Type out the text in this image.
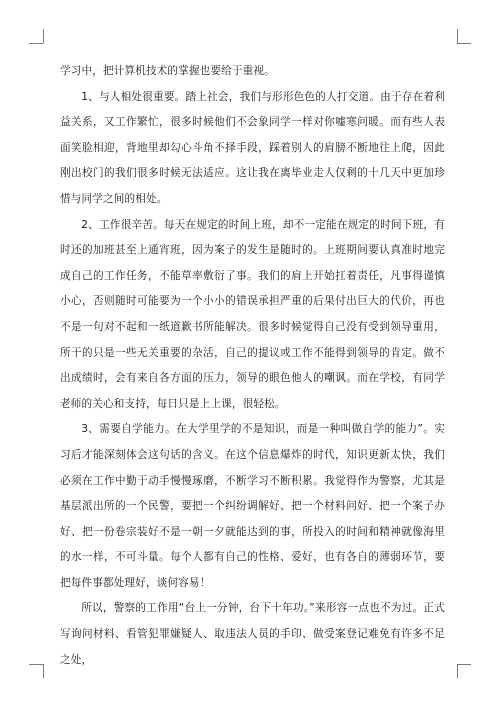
学习中，把计算机技术的掌握也要给于重视。

1、与人相处很重要。踏上社会，我们与形形色色的人打交道。由于存在着利益关系，又工作繁忙，很多时候他们不会象同学一样对你嘘寒问暖。而有些人表面笑脸相迎，背地里却勾心斗角不择手段，踩着别人的肩膀不断地往上爬，因此刚出校门的我们很多时候无法适应。这让我在离毕业走人仅剩的十几天中更加珍惜与同学之间的相处。

2、工作很辛苦。每天在规定的时间上班，却不一定能在规定的时间下班，有时还的加班甚至上通宵班，因为案子的发生是随时的。上班期间要认真准时地完成自己的工作任务，不能草率敷衍了事。我们的肩上开始扛着责任，凡事得谨慎小心，否则随时可能要为一个小小的错误承担严重的后果付出巨大的代价，再也不是一句对不起和一纸道歉书所能解决。很多时候觉得自己没有受到领导重用，所干的只是一些无关重要的杂活，自己的提议或工作不能得到领导的肯定。做不出成绩时，会有来自各方面的压力，领导的眼色他人的嘲讽。而在学校，有同学老师的关心和支持，每日只是上上课，很轻松。

3、需要自学能力。在大学里学的不是知识，而是一种叫做自学的能力”。实习后才能深刻体会这句话的含义。在这个信息爆炸的时代，知识更新太快，我们必须在工作中勤于动手慢慢琢磨，不断学习不断积累。我觉得作为警察，尤其是基层派出所的一个民警，要把一个纠纷调解好、把一个材料问好、把一个案子办好、把一份卷宗装好不是一朝一夕就能达到的事，所投入的时间和精神就像海里的水一样，不可斗量。每个人都有自己的性格、爱好，也有各自的薄弱环节，要把每件事都处理好，谈何容易！

所以，警察的工作用“台上一分钟，台下十年功。”来形容一点也不为过。正式写询问材料、看管犯罪嫌疑人、取违法人员的手印、做受案登记难免有许多不足之处，
